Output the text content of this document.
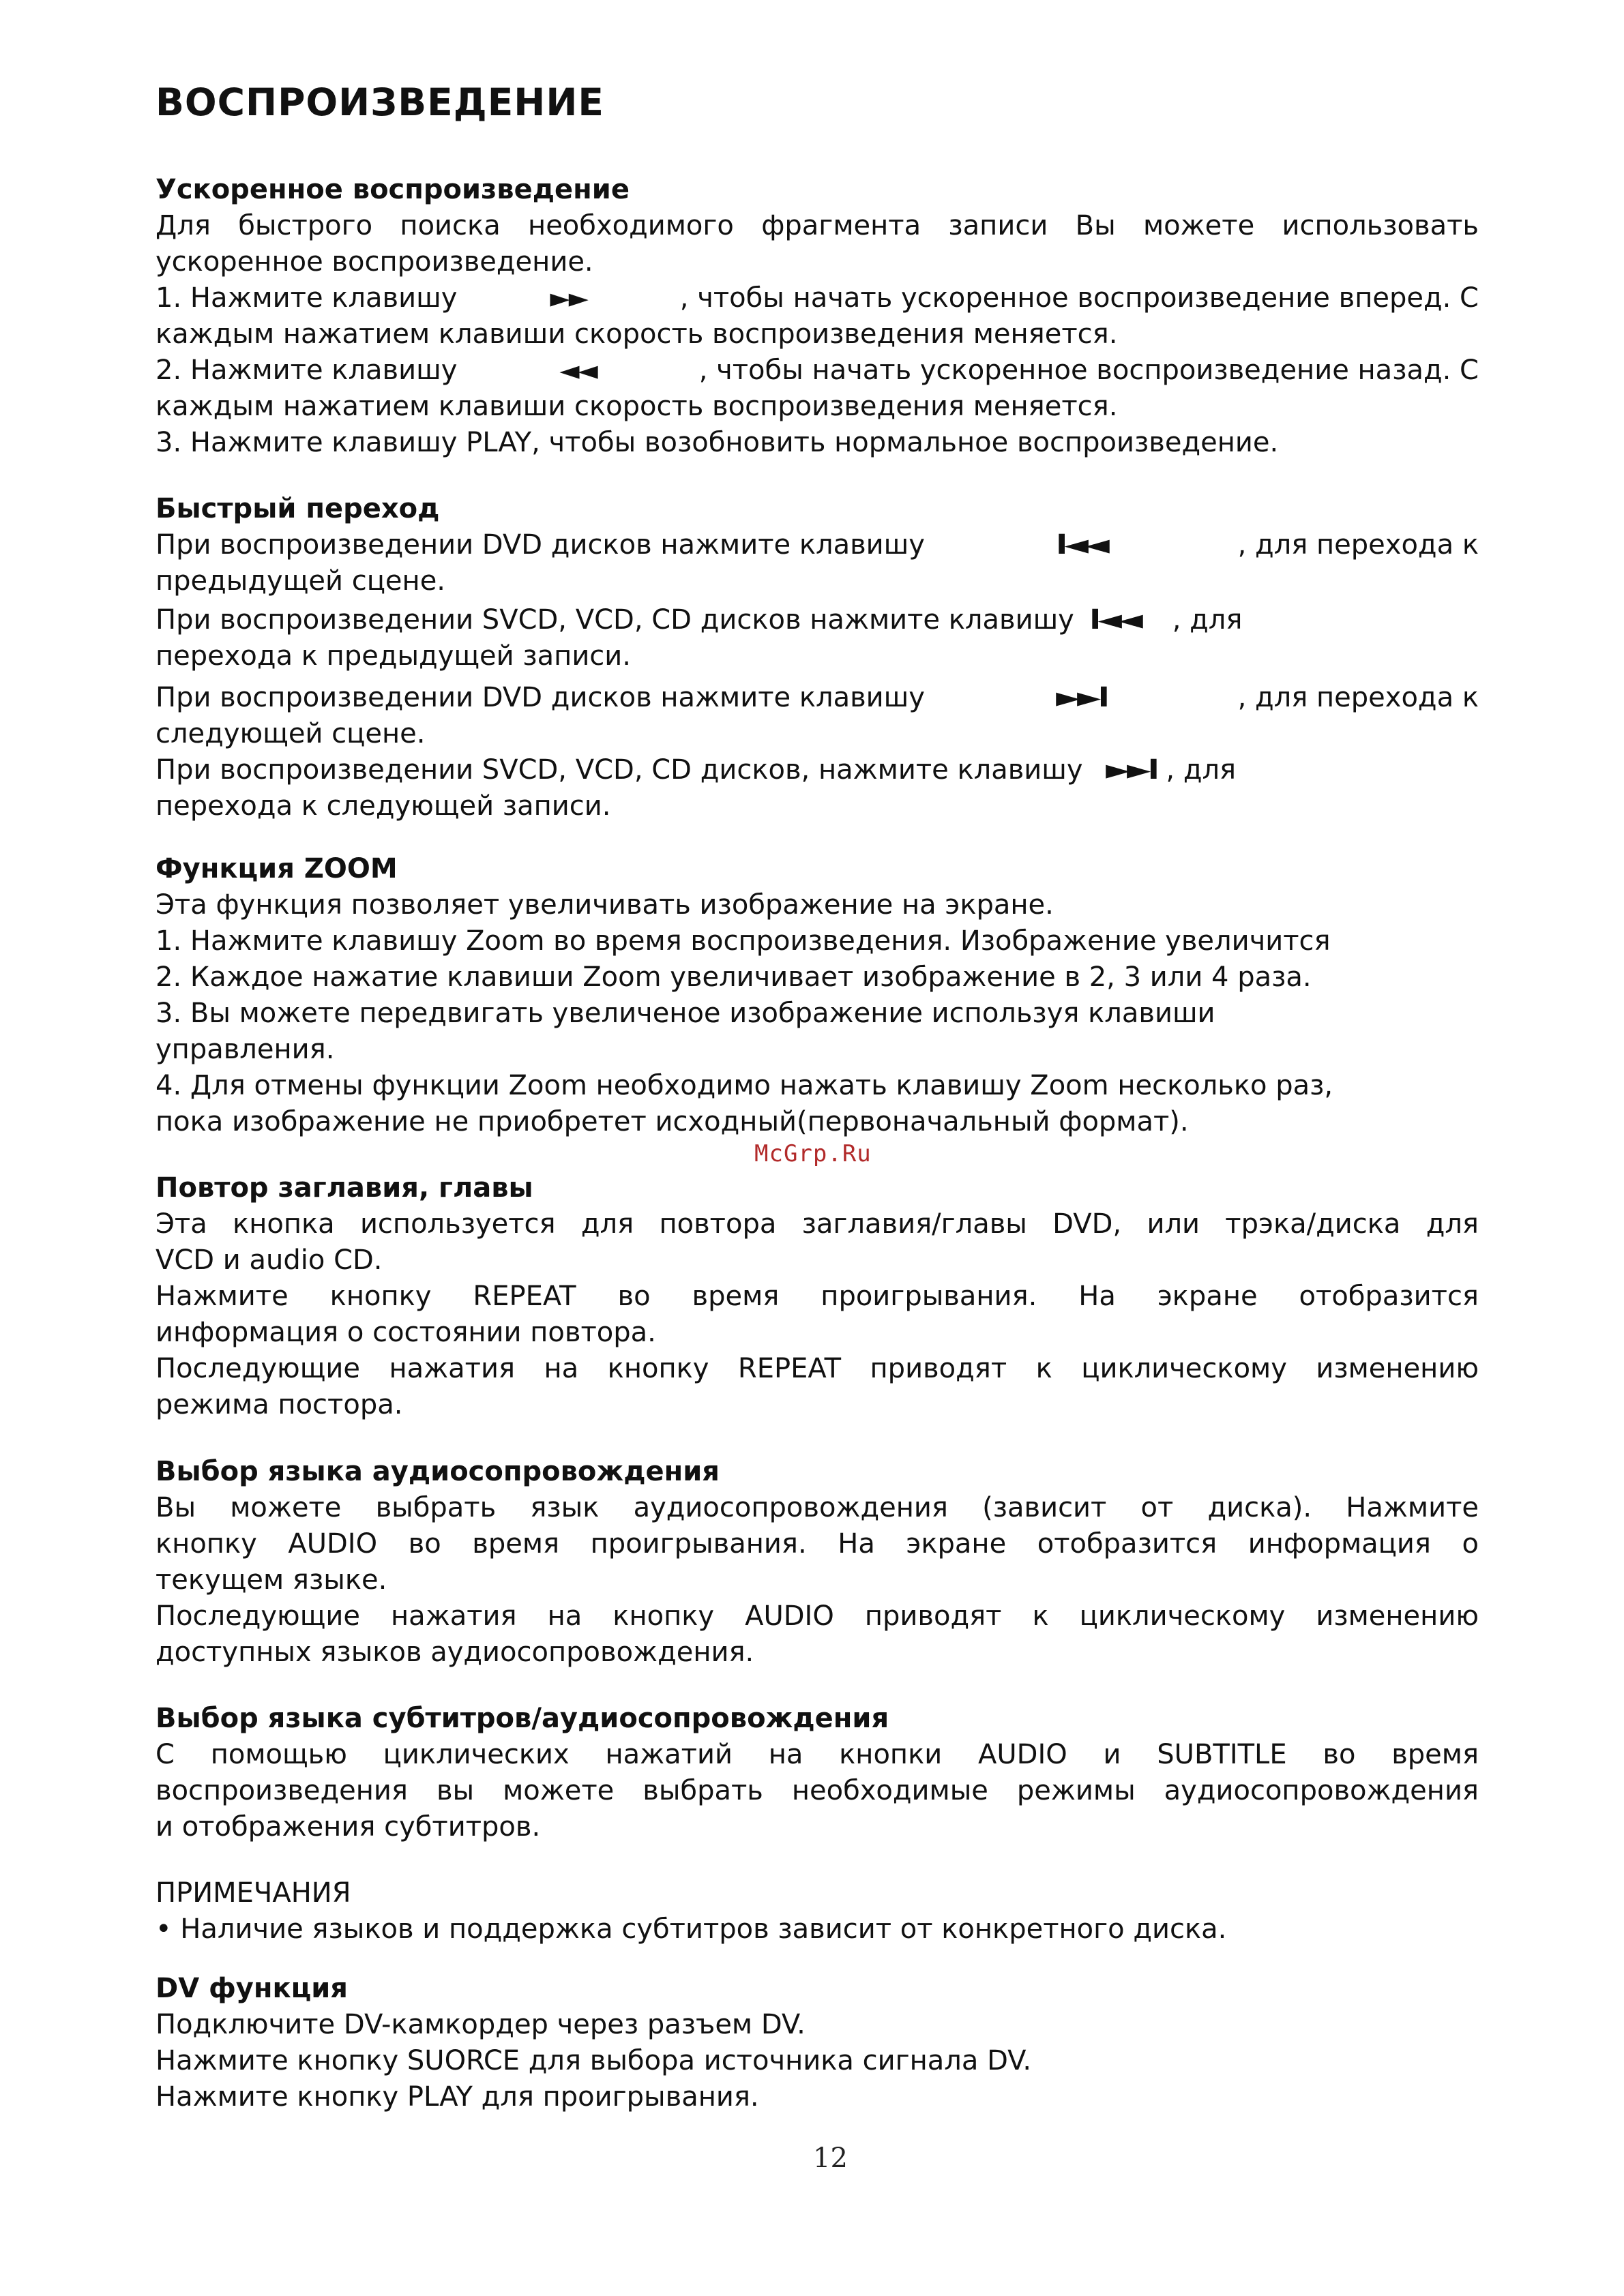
ВОСПРОИЗВЕДЕНИЕ
Ускоренное воспроизведение
Для быстрого поиска необходимого фрагмента записи Вы можете использовать
ускоренное воспроизведение.
1. Нажмите клавишу	►►	, чтобы начать ускоренное воспроизведение вперед. С
каждым нажатием клавиши скорость воспроизведения меняется.
2. Нажмите клавишу	◄◄	, чтобы начать ускоренное воспроизведение назад. С
каждым нажатием клавиши скорость воспроизведения меняется.
3. Нажмите клавишу PLAY, чтобы возобновить нормальное воспроизведение.
Быстрый переход
При воспроизведении DVD дисков нажмите клавишу	I◄◄	, для перехода к
предыдущей сцене.
При воспроизведении SVCD, VCD, CD дисков нажмите клавишу I◄◄ , для
перехода к предыдущей записи.
При воспроизведении DVD дисков нажмите клавишу	►►I	, для перехода к
следующей сцене.
При воспроизведении SVCD, VCD, CD дисков, нажмите клавишу ►►I , для
перехода к следующей записи.
Функция ZOOM
Эта функция позволяет увеличивать изображение на экране.
1. Нажмите клавишу Zoom во время воспроизведения. Изображение увеличится
2. Каждое нажатие клавиши Zoom увеличивает изображение в 2, 3 или 4 раза.
3. Вы можете передвигать увеличеное изображение используя клавиши
управления.
4. Для отмены функции Zoom необходимо нажать клавишу Zoom несколько раз,
пока изображение не приобретет исходный(первоначальный формат).
Повтор заглавия, главы
Эта кнопка используется для повтора заглавия/главы DVD, или трэка/диска для
VCD и audio CD.
Нажмите кнопку REPEAT во время проигрывания. На экране отобразится
информация о состоянии повтора.
Последующие нажатия на кнопку REPEAT приводят к циклическому изменению
режима постора.
Выбор языка аудиосопровождения
Вы можете выбрать язык аудиосопровождения (зависит от диска). Нажмите
кнопку AUDIO во время проигрывания. На экране отобразится информация о
текущем языке.
Последующие нажатия на кнопку AUDIO приводят к циклическому изменению
доступных языков аудиосопровождения.
Выбор языка субтитров/аудиосопровождения
С помощью циклических нажатий на кнопки AUDIO и SUBTITLE во время
воспроизведения вы можете выбрать необходимые режимы аудиосопровождения
и отображения субтитров.
ПРИМЕЧАНИЯ
• Наличие языков и поддержка субтитров зависит от конкретного диска.
DV функция
Подключите DV-камкордер через разъем DV.
Нажмите кнопку SUORCE для выбора источника сигнала DV.
Нажмите кнопку PLAY для проигрывания.
McGrp.Ru
12
